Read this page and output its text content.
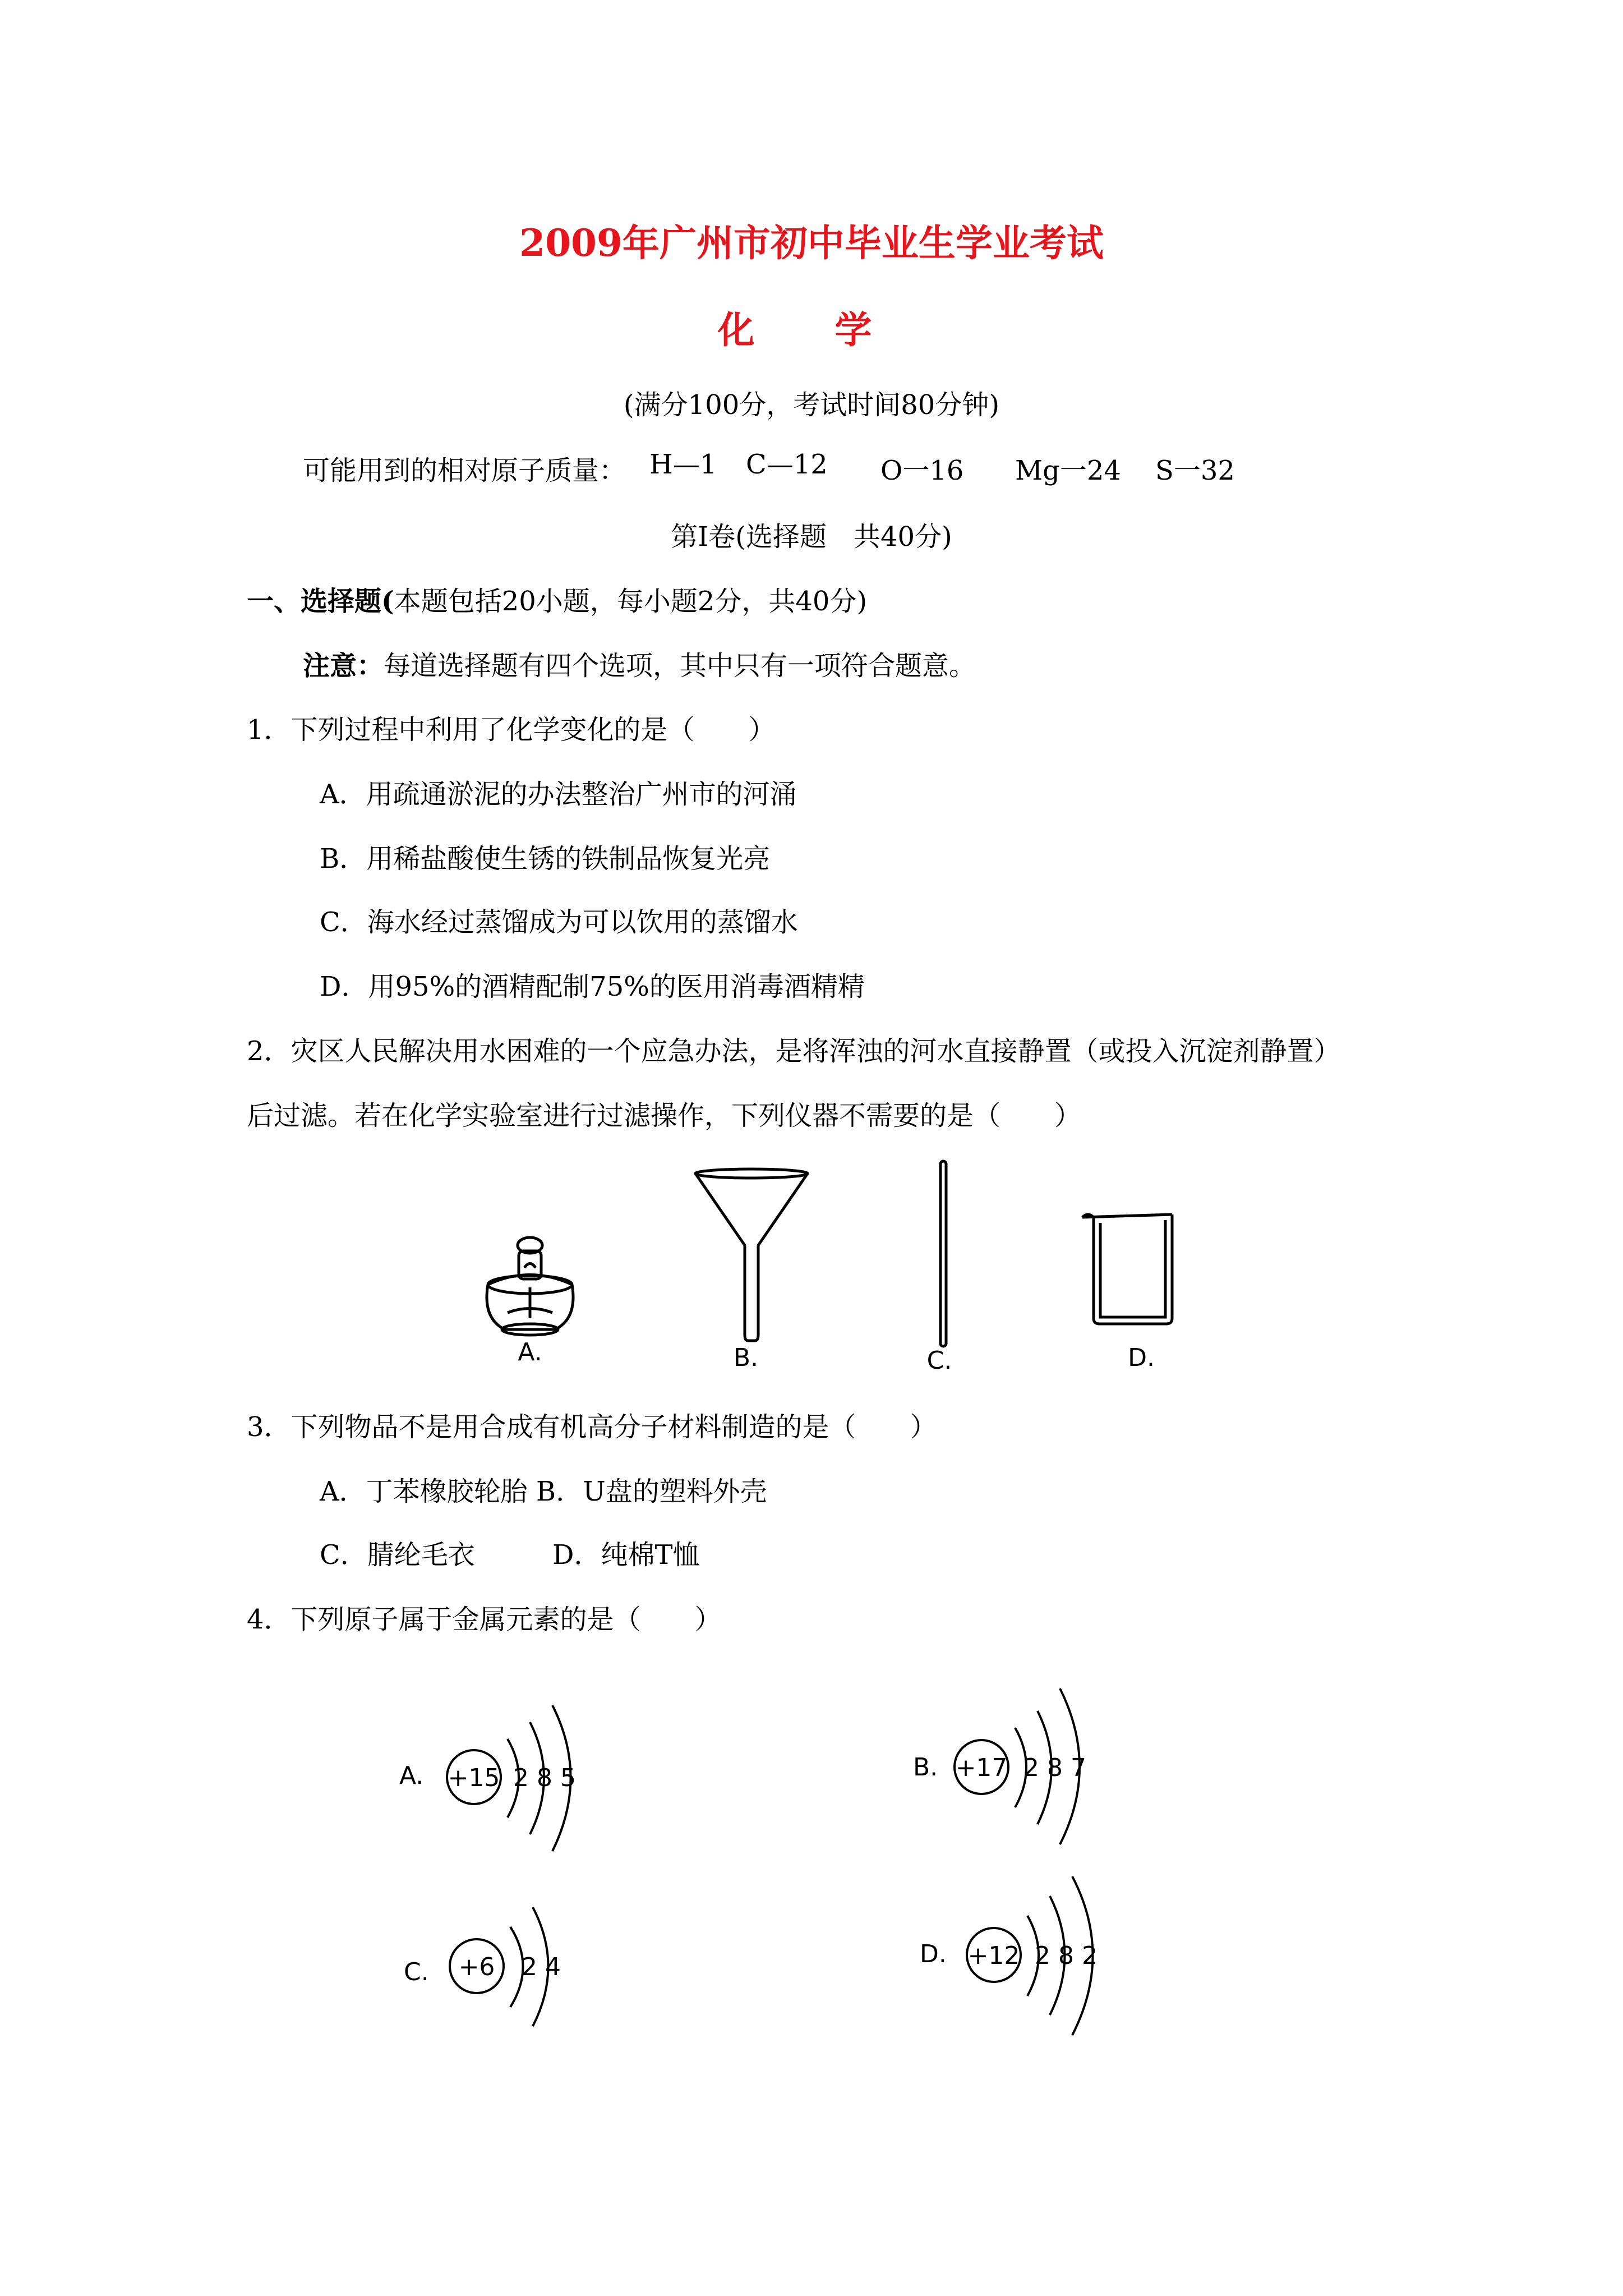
2009年广州市初中毕业生学业考试
化 学
(满分100分，考试时间80分钟)
可能用到的相对原子质量： H—1 C—12 O一16 Mg一24 S一32
第Ⅰ卷(选择题　共40分)
一、选择题(本题包括20小题，每小题2分，共40分)
注意：每道选择题有四个选项，其中只有一项符合题意。
1．下列过程中利用了化学变化的是（　　）
A．用疏通淤泥的办法整治广州市的河涌
B．用稀盐酸使生锈的铁制品恢复光亮
C．海水经过蒸馏成为可以饮用的蒸馏水
D．用95%的酒精配制75%的医用消毒酒精精
2．灾区人民解决用水困难的一个应急办法，是将浑浊的河水直接静置（或投入沉淀剂静置）
后过滤。若在化学实验室进行过滤操作，下列仪器不需要的是（　　）
A.	B.	C.	D.
3．下列物品不是用合成有机高分子材料制造的是（　　）
A．丁苯橡胶轮胎 B．U盘的塑料外壳
C．腈纶毛衣	D．纯棉T恤
4．下列原子属于金属元素的是（　　）
A. +15 2 8 5	B. +17 2 8 7
C. +6 2 4	D. +12 2 8 2
